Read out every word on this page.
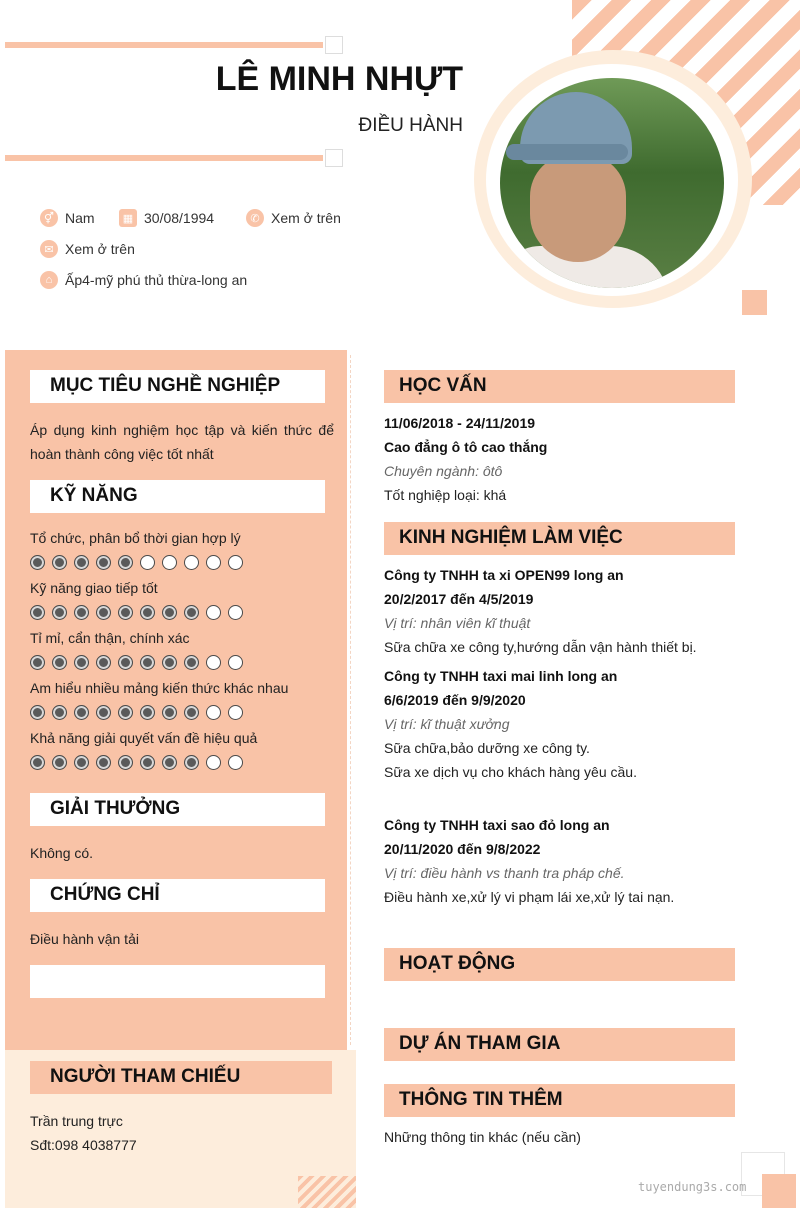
LÊ MINH NHỰT
ĐIỀU HÀNH
⚥ Nam	▦ 30/08/1994	✆ Xem ở trên
✉ Xem ở trên
⌂ Ấp4-mỹ phú thủ thừa-long an
MỤC TIÊU NGHỀ NGHIỆP
Áp dụng kinh nghiệm học tập và kiến thức để hoàn thành công việc tốt nhất
KỸ NĂNG
Tổ chức, phân bổ thời gian hợp lý
Kỹ năng giao tiếp tốt
Tỉ mỉ, cẩn thận, chính xác
Am hiểu nhiều mảng kiến thức khác nhau
Khả năng giải quyết vấn đề hiệu quả
GIẢI THƯỞNG
Không có.
CHỨNG CHỈ
Điều hành vận tải
NGƯỜI THAM CHIẾU
Trần trung trực
Sđt:098 4038777
HỌC VẤN
11/06/2018 - 24/11/2019
Cao đẳng ô tô cao thắng
Chuyên ngành: ôtô
Tốt nghiệp loại: khá
KINH NGHIỆM LÀM VIỆC
Công ty TNHH ta xi OPEN99 long an
20/2/2017 đến 4/5/2019
Vị trí: nhân viên kĩ thuật
Sữa chữa xe công ty,hướng dẫn vận hành thiết bị.
Công ty TNHH taxi mai linh long an
6/6/2019 đến 9/9/2020
Vị trí: kĩ thuật xưởng
Sữa chữa,bảo dưỡng xe công ty.
Sữa xe dịch vụ cho khách hàng yêu cầu.
Công ty TNHH taxi sao đỏ long an
20/11/2020 đến 9/8/2022
Vị trí: điều hành vs thanh tra pháp chế.
Điều hành xe,xử lý vi phạm lái xe,xử lý tai nạn.
HOẠT ĐỘNG
DỰ ÁN THAM GIA
THÔNG TIN THÊM
Những thông tin khác (nếu cần)
tuyendung3s.com
